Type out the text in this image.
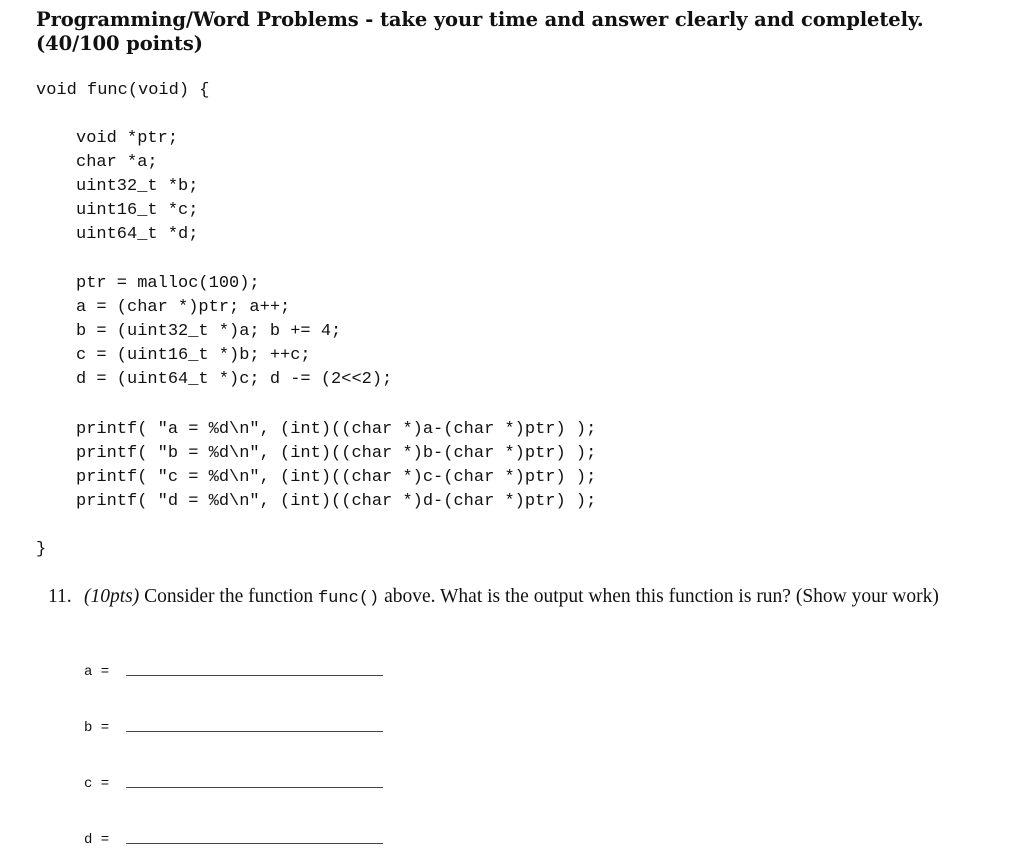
Programming/Word Problems - take your time and answer clearly and completely. (40/100 points)
void func(void) {
void *ptr;
char *a;
uint32_t *b;
uint16_t *c;
uint64_t *d;
ptr = malloc(100);
a = (char *)ptr; a++;
b = (uint32_t *)a; b += 4;
c = (uint16_t *)b; ++c;
d = (uint64_t *)c; d -= (2<<2);
printf( "a = %d\n", (int)((char *)a-(char *)ptr) );
printf( "b = %d\n", (int)((char *)b-(char *)ptr) );
printf( "c = %d\n", (int)((char *)c-(char *)ptr) );
printf( "d = %d\n", (int)((char *)d-(char *)ptr) );
}
11. (10pts) Consider the function func() above. What is the output when this function is run? (Show your work)
a =
b =
c =
d =
